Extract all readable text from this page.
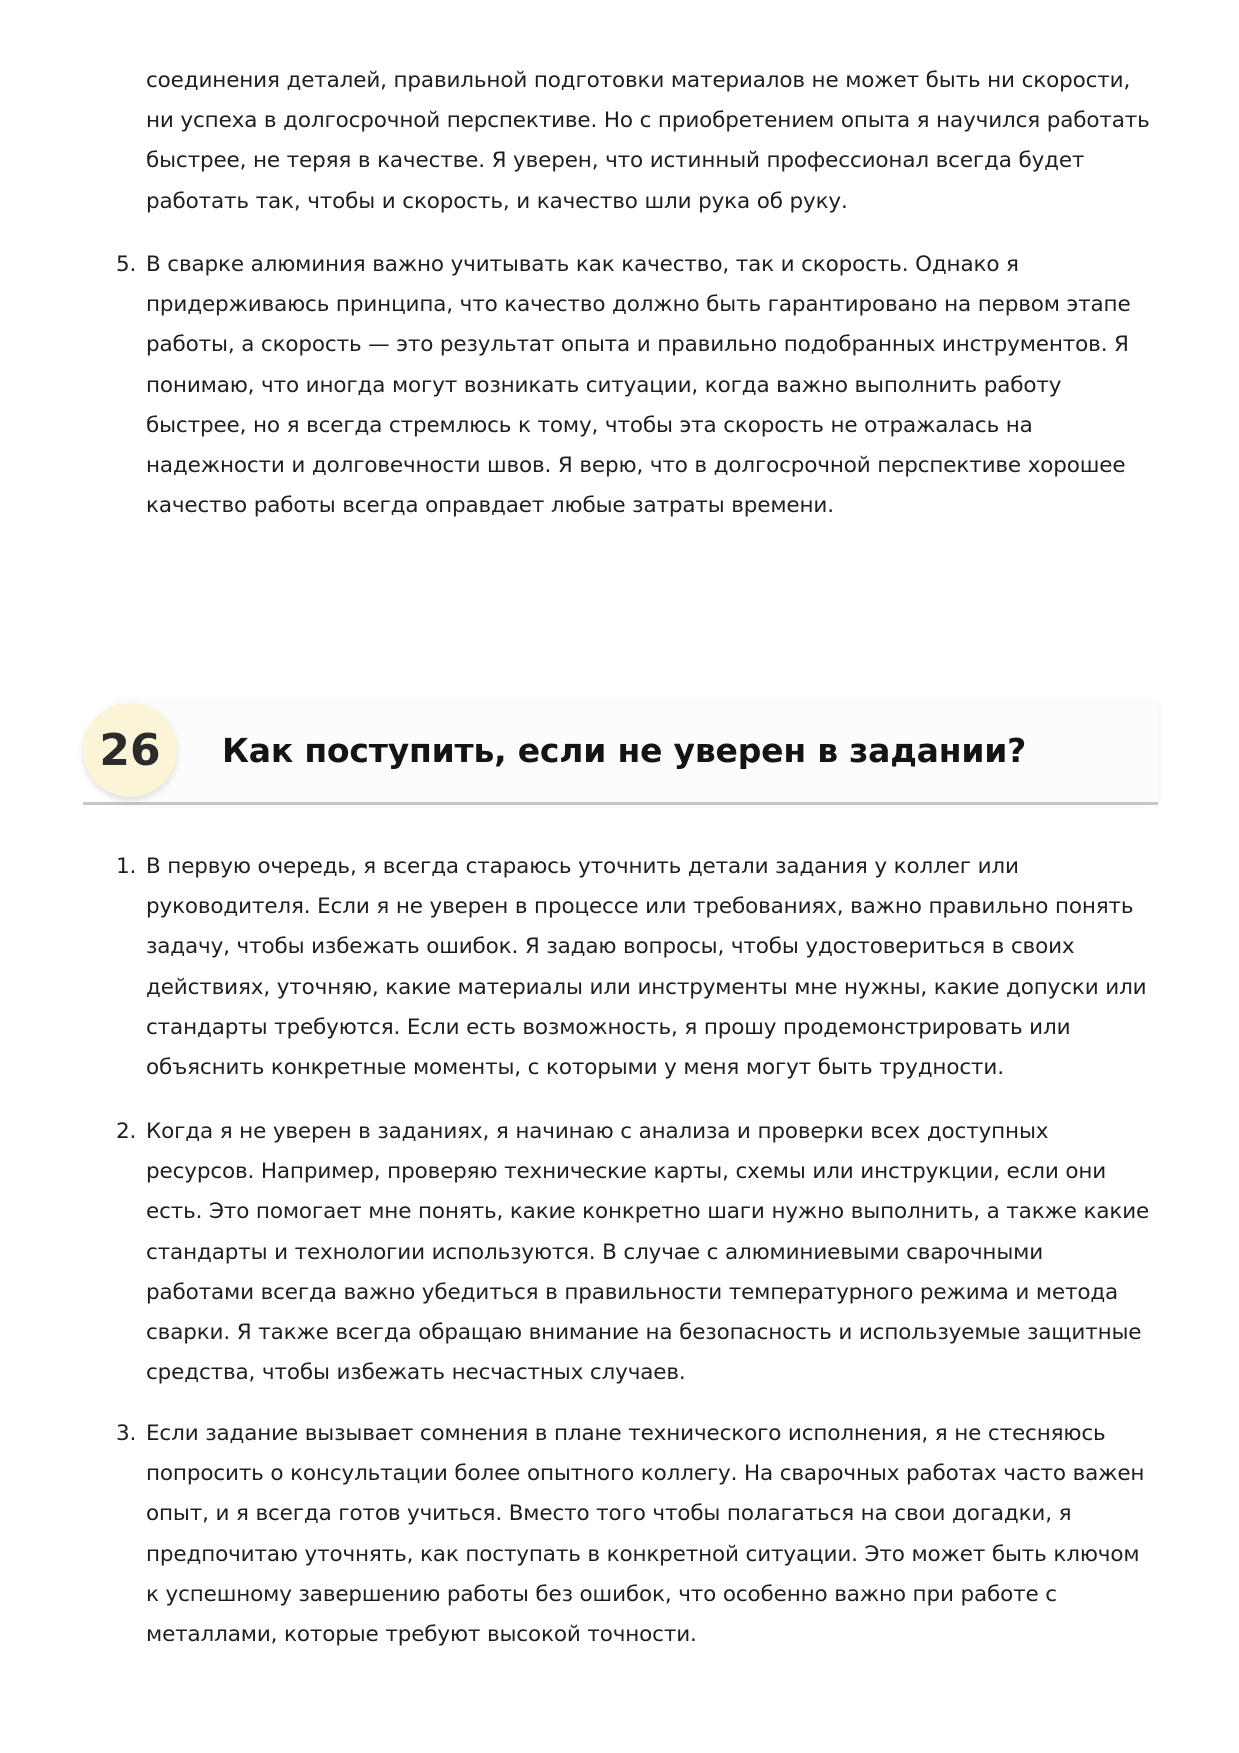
соединения деталей, правильной подготовки материалов не может быть ни скорости, ни успеха в долгосрочной перспективе. Но с приобретением опыта я научился работать быстрее, не теряя в качестве. Я уверен, что истинный профессионал всегда будет работать так, чтобы и скорость, и качество шли рука об руку.

5. В сварке алюминия важно учитывать как качество, так и скорость. Однако я придерживаюсь принципа, что качество должно быть гарантировано на первом этапе работы, а скорость — это результат опыта и правильно подобранных инструментов. Я понимаю, что иногда могут возникать ситуации, когда важно выполнить работу быстрее, но я всегда стремлюсь к тому, чтобы эта скорость не отражалась на надежности и долговечности швов. Я верю, что в долгосрочной перспективе хорошее качество работы всегда оправдает любые затраты времени.
26	Как поступить, если не уверен в задании?
1. В первую очередь, я всегда стараюсь уточнить детали задания у коллег или руководителя. Если я не уверен в процессе или требованиях, важно правильно понять задачу, чтобы избежать ошибок. Я задаю вопросы, чтобы удостовериться в своих действиях, уточняю, какие материалы или инструменты мне нужны, какие допуски или стандарты требуются. Если есть возможность, я прошу продемонстрировать или объяснить конкретные моменты, с которыми у меня могут быть трудности.
2. Когда я не уверен в заданиях, я начинаю с анализа и проверки всех доступных ресурсов. Например, проверяю технические карты, схемы или инструкции, если они есть. Это помогает мне понять, какие конкретно шаги нужно выполнить, а также какие стандарты и технологии используются. В случае с алюминиевыми сварочными работами всегда важно убедиться в правильности температурного режима и метода сварки. Я также всегда обращаю внимание на безопасность и используемые защитные средства, чтобы избежать несчастных случаев.
3. Если задание вызывает сомнения в плане технического исполнения, я не стесняюсь попросить о консультации более опытного коллегу. На сварочных работах часто важен опыт, и я всегда готов учиться. Вместо того чтобы полагаться на свои догадки, я предпочитаю уточнять, как поступать в конкретной ситуации. Это может быть ключом к успешному завершению работы без ошибок, что особенно важно при работе с металлами, которые требуют высокой точности.
